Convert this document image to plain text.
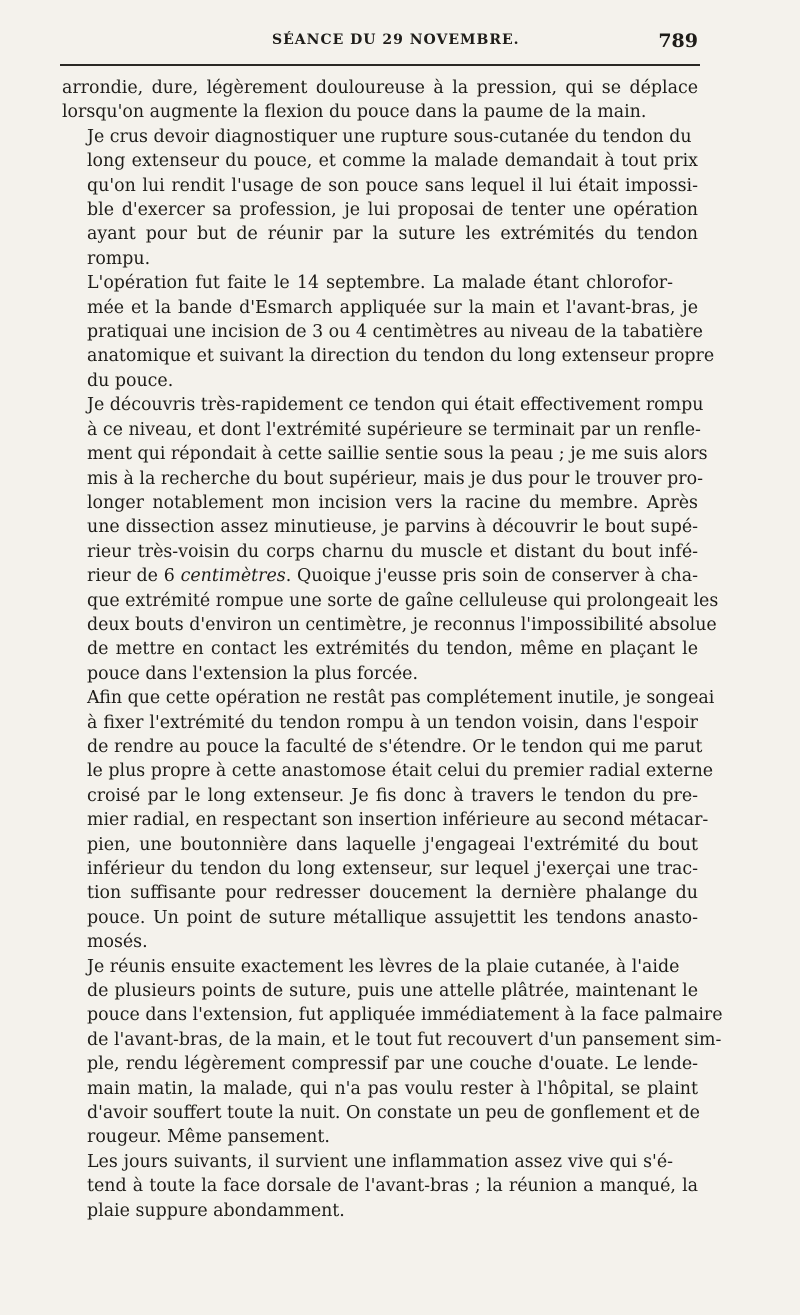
SÉANCE DU 29 NOVEMBRE.	789

arrondie, dure, légèrement douloureuse à la pression, qui se déplace
lorsqu'on augmente la flexion du pouce dans la paume de la main.

Je crus devoir diagnostiquer une rupture sous-cutanée du tendon du
long extenseur du pouce, et comme la malade demandait à tout prix
qu'on lui rendit l'usage de son pouce sans lequel il lui était impossi-
ble d'exercer sa profession, je lui proposai de tenter une opération
ayant pour but de réunir par la suture les extrémités du tendon
rompu.

L'opération fut faite le 14 septembre. La malade étant chlorofor-
mée et la bande d'Esmarch appliquée sur la main et l'avant-bras, je
pratiquai une incision de 3 ou 4 centimètres au niveau de la tabatière
anatomique et suivant la direction du tendon du long extenseur propre
du pouce.

Je découvris très-rapidement ce tendon qui était effectivement rompu
à ce niveau, et dont l'extrémité supérieure se terminait par un renfle-
ment qui répondait à cette saillie sentie sous la peau ; je me suis alors
mis à la recherche du bout supérieur, mais je dus pour le trouver pro-
longer notablement mon incision vers la racine du membre. Après
une dissection assez minutieuse, je parvins à découvrir le bout supé-
rieur très-voisin du corps charnu du muscle et distant du bout infé-
rieur de 6 centimètres. Quoique j'eusse pris soin de conserver à cha-
que extrémité rompue une sorte de gaîne celluleuse qui prolongeait les
deux bouts d'environ un centimètre, je reconnus l'impossibilité absolue
de mettre en contact les extrémités du tendon, même en plaçant le
pouce dans l'extension la plus forcée.

Afin que cette opération ne restât pas complétement inutile, je songeai
à fixer l'extrémité du tendon rompu à un tendon voisin, dans l'espoir
de rendre au pouce la faculté de s'étendre. Or le tendon qui me parut
le plus propre à cette anastomose était celui du premier radial externe
croisé par le long extenseur. Je fis donc à travers le tendon du pre-
mier radial, en respectant son insertion inférieure au second métacar-
pien, une boutonnière dans laquelle j'engageai l'extrémité du bout
inférieur du tendon du long extenseur, sur lequel j'exerçai une trac-
tion suffisante pour redresser doucement la dernière phalange du
pouce. Un point de suture métallique assujettit les tendons anasto-
mosés.

Je réunis ensuite exactement les lèvres de la plaie cutanée, à l'aide
de plusieurs points de suture, puis une attelle plâtrée, maintenant le
pouce dans l'extension, fut appliquée immédiatement à la face palmaire
de l'avant-bras, de la main, et le tout fut recouvert d'un pansement sim-
ple, rendu légèrement compressif par une couche d'ouate. Le lende-
main matin, la malade, qui n'a pas voulu rester à l'hôpital, se plaint
d'avoir souffert toute la nuit. On constate un peu de gonflement et de
rougeur. Même pansement.

Les jours suivants, il survient une inflammation assez vive qui s'é-
tend à toute la face dorsale de l'avant-bras ; la réunion a manqué, la
plaie suppure abondamment.
